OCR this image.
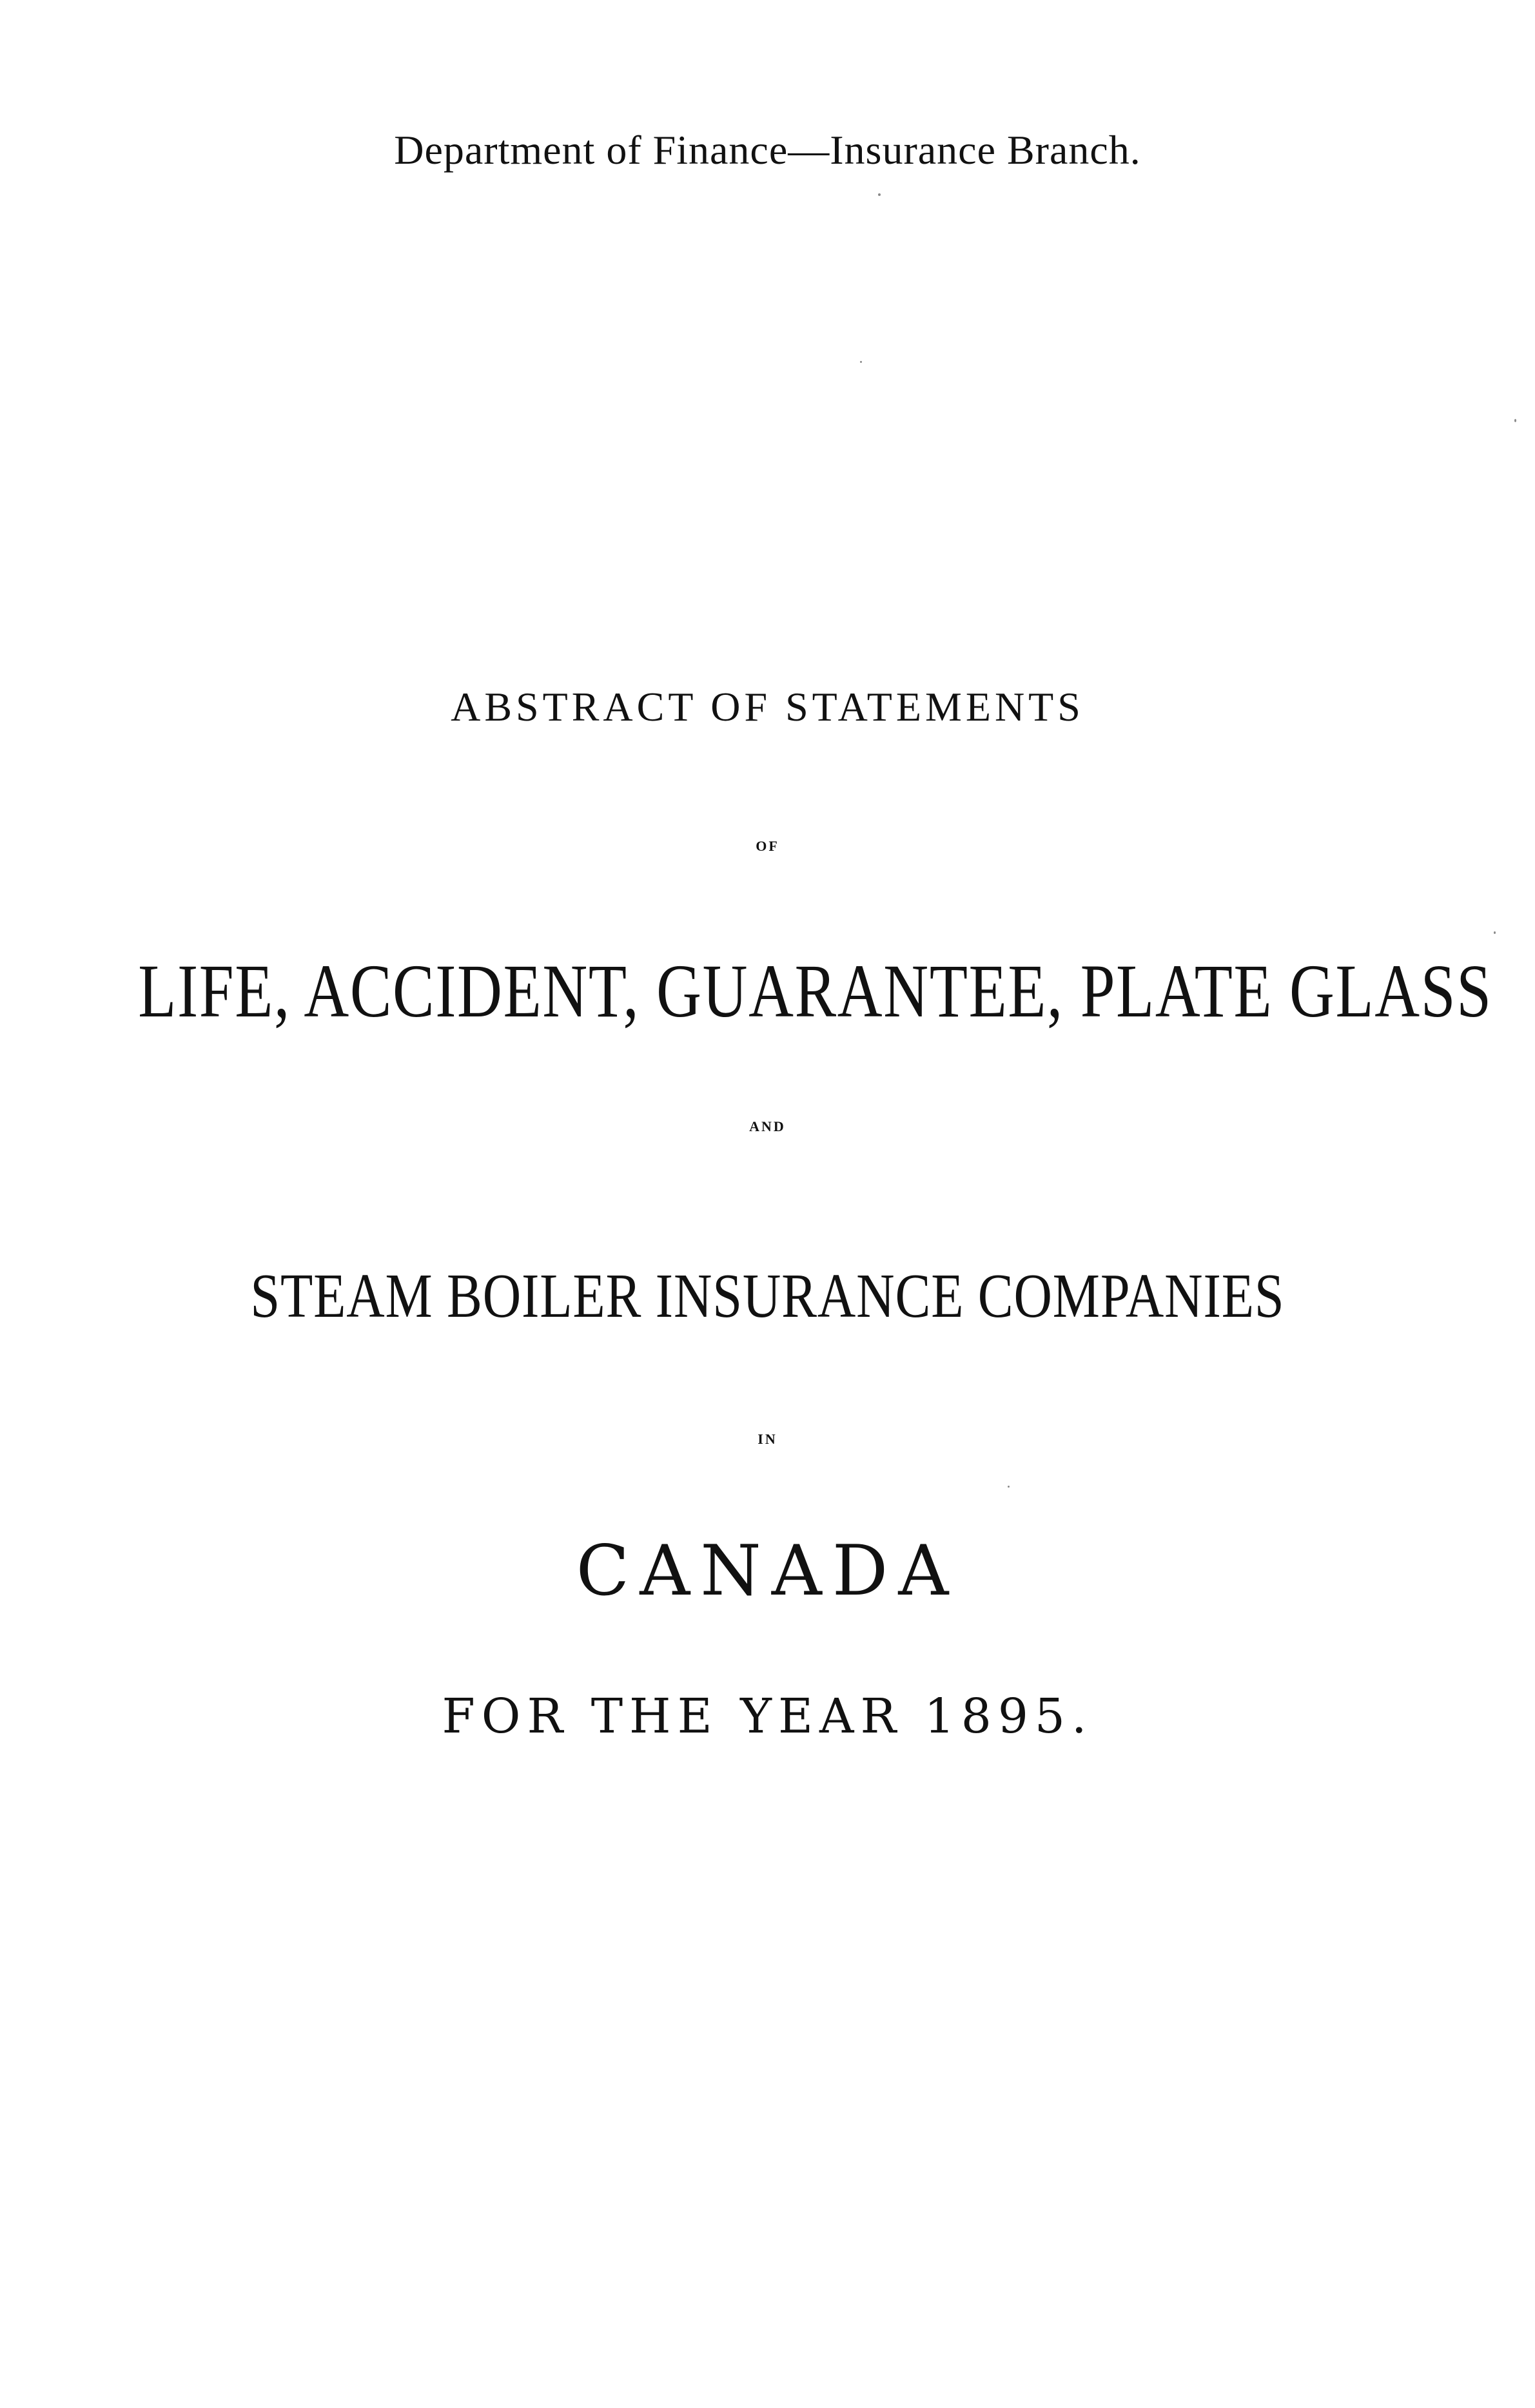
Department of Finance—Insurance Branch.
ABSTRACT OF STATEMENTS
OF
LIFE, ACCIDENT, GUARANTEE, PLATE GLASS
AND
STEAM BOILER INSURANCE COMPANIES
IN
CANADA
FOR THE YEAR 1895.
